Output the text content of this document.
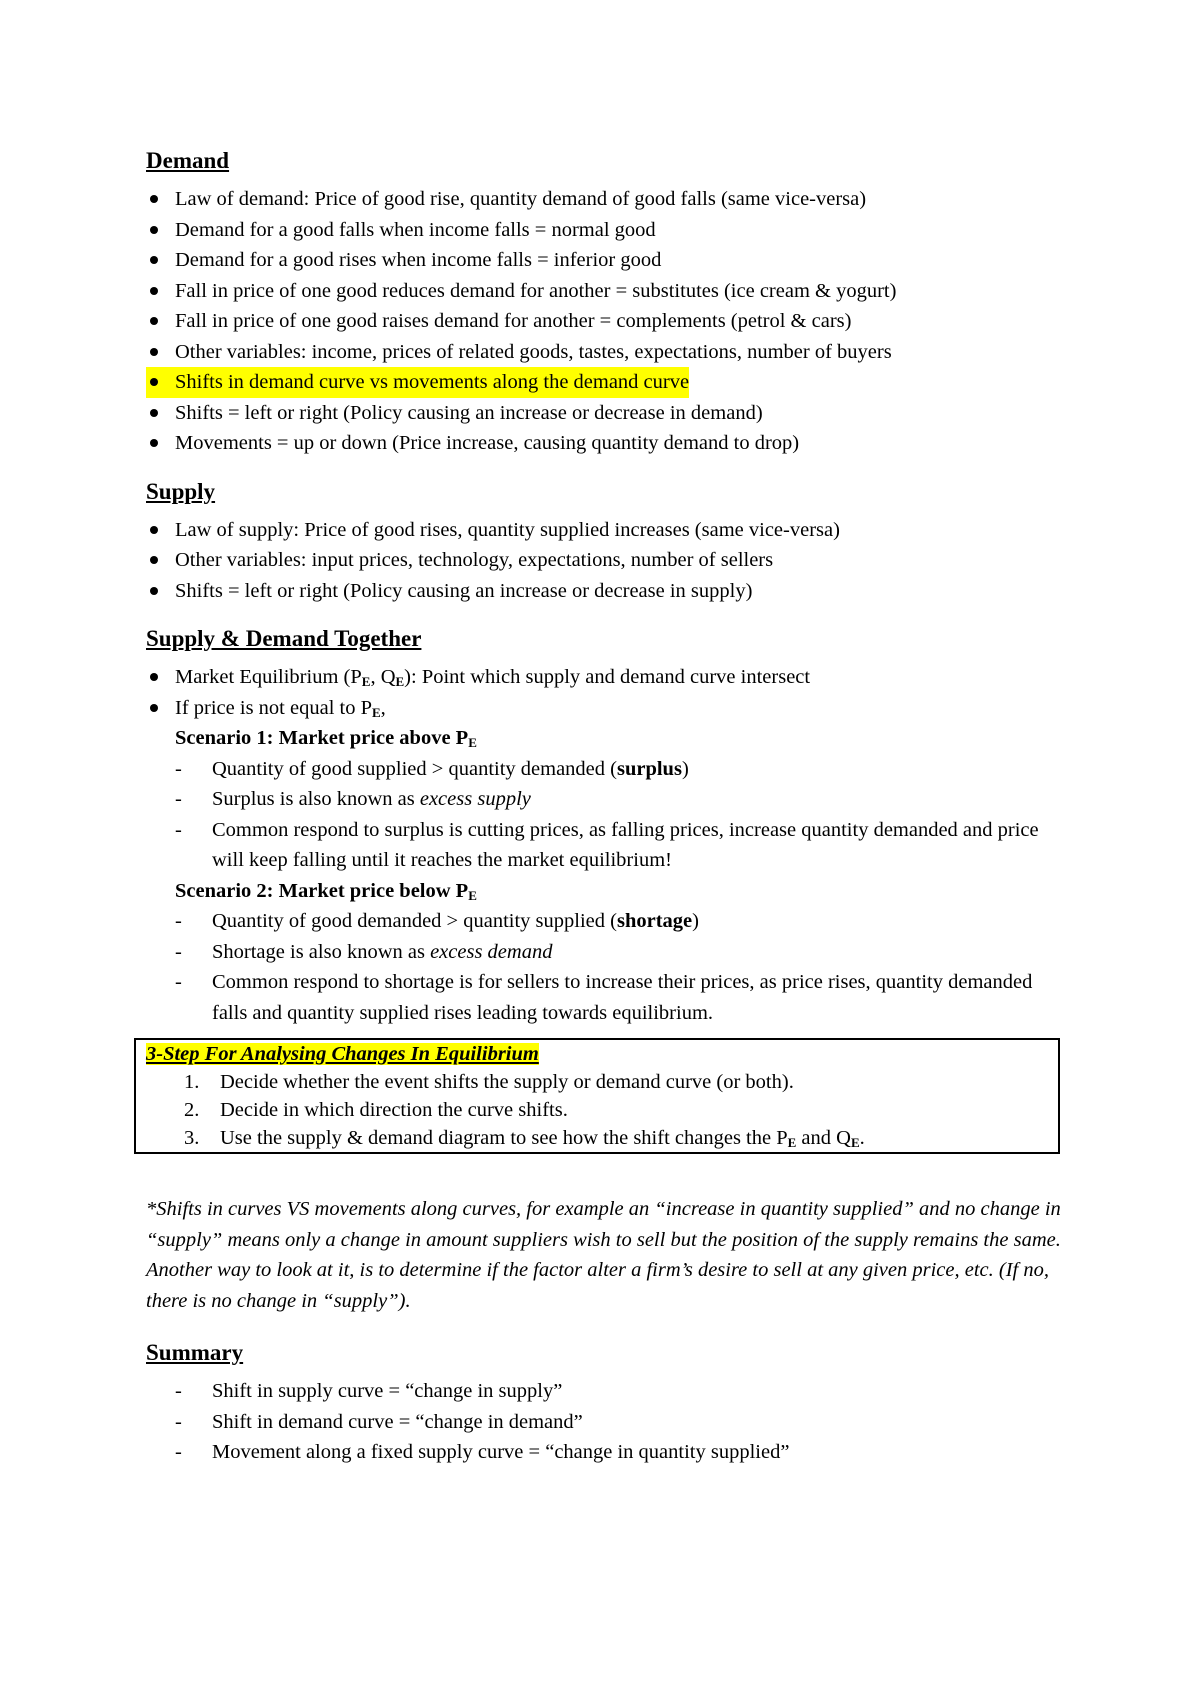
Demand
Law of demand: Price of good rise, quantity demand of good falls (same vice-versa)
Demand for a good falls when income falls = normal good
Demand for a good rises when income falls = inferior good
Fall in price of one good reduces demand for another = substitutes (ice cream & yogurt)
Fall in price of one good raises demand for another = complements (petrol & cars)
Other variables: income, prices of related goods, tastes, expectations, number of buyers
Shifts in demand curve vs movements along the demand curve
Shifts = left or right (Policy causing an increase or decrease in demand)
Movements = up or down (Price increase, causing quantity demand to drop)
Supply
Law of supply: Price of good rises, quantity supplied increases (same vice-versa)
Other variables: input prices, technology, expectations, number of sellers
Shifts = left or right (Policy causing an increase or decrease in supply)
Supply & Demand Together
Market Equilibrium ($P_E$, $Q_E$): Point which supply and demand curve intersect
If price is not equal to $P_E$,
Scenario 1: Market price above $P_E$
- Quantity of good supplied > quantity demanded (surplus)
- Surplus is also known as excess supply
- Common respond to surplus is cutting prices, as falling prices, increase quantity demanded and price will keep falling until it reaches the market equilibrium!
Scenario 2: Market price below $P_E$
- Quantity of good demanded > quantity supplied (shortage)
- Shortage is also known as excess demand
- Common respond to shortage is for sellers to increase their prices, as price rises, quantity demanded falls and quantity supplied rises leading towards equilibrium.
3-Step For Analysing Changes In Equilibrium
1. Decide whether the event shifts the supply or demand curve (or both).
2. Decide in which direction the curve shifts.
3. Use the supply & demand diagram to see how the shift changes the $P_E$ and $Q_E$.
*Shifts in curves VS movements along curves, for example an “increase in quantity supplied” and no change in “supply” means only a change in amount suppliers wish to sell but the position of the supply remains the same. Another way to look at it, is to determine if the factor alter a firm’s desire to sell at any given price, etc. (If no, there is no change in “supply”).
Summary
- Shift in supply curve = “change in supply”
- Shift in demand curve = “change in demand”
- Movement along a fixed supply curve = “change in quantity supplied”
